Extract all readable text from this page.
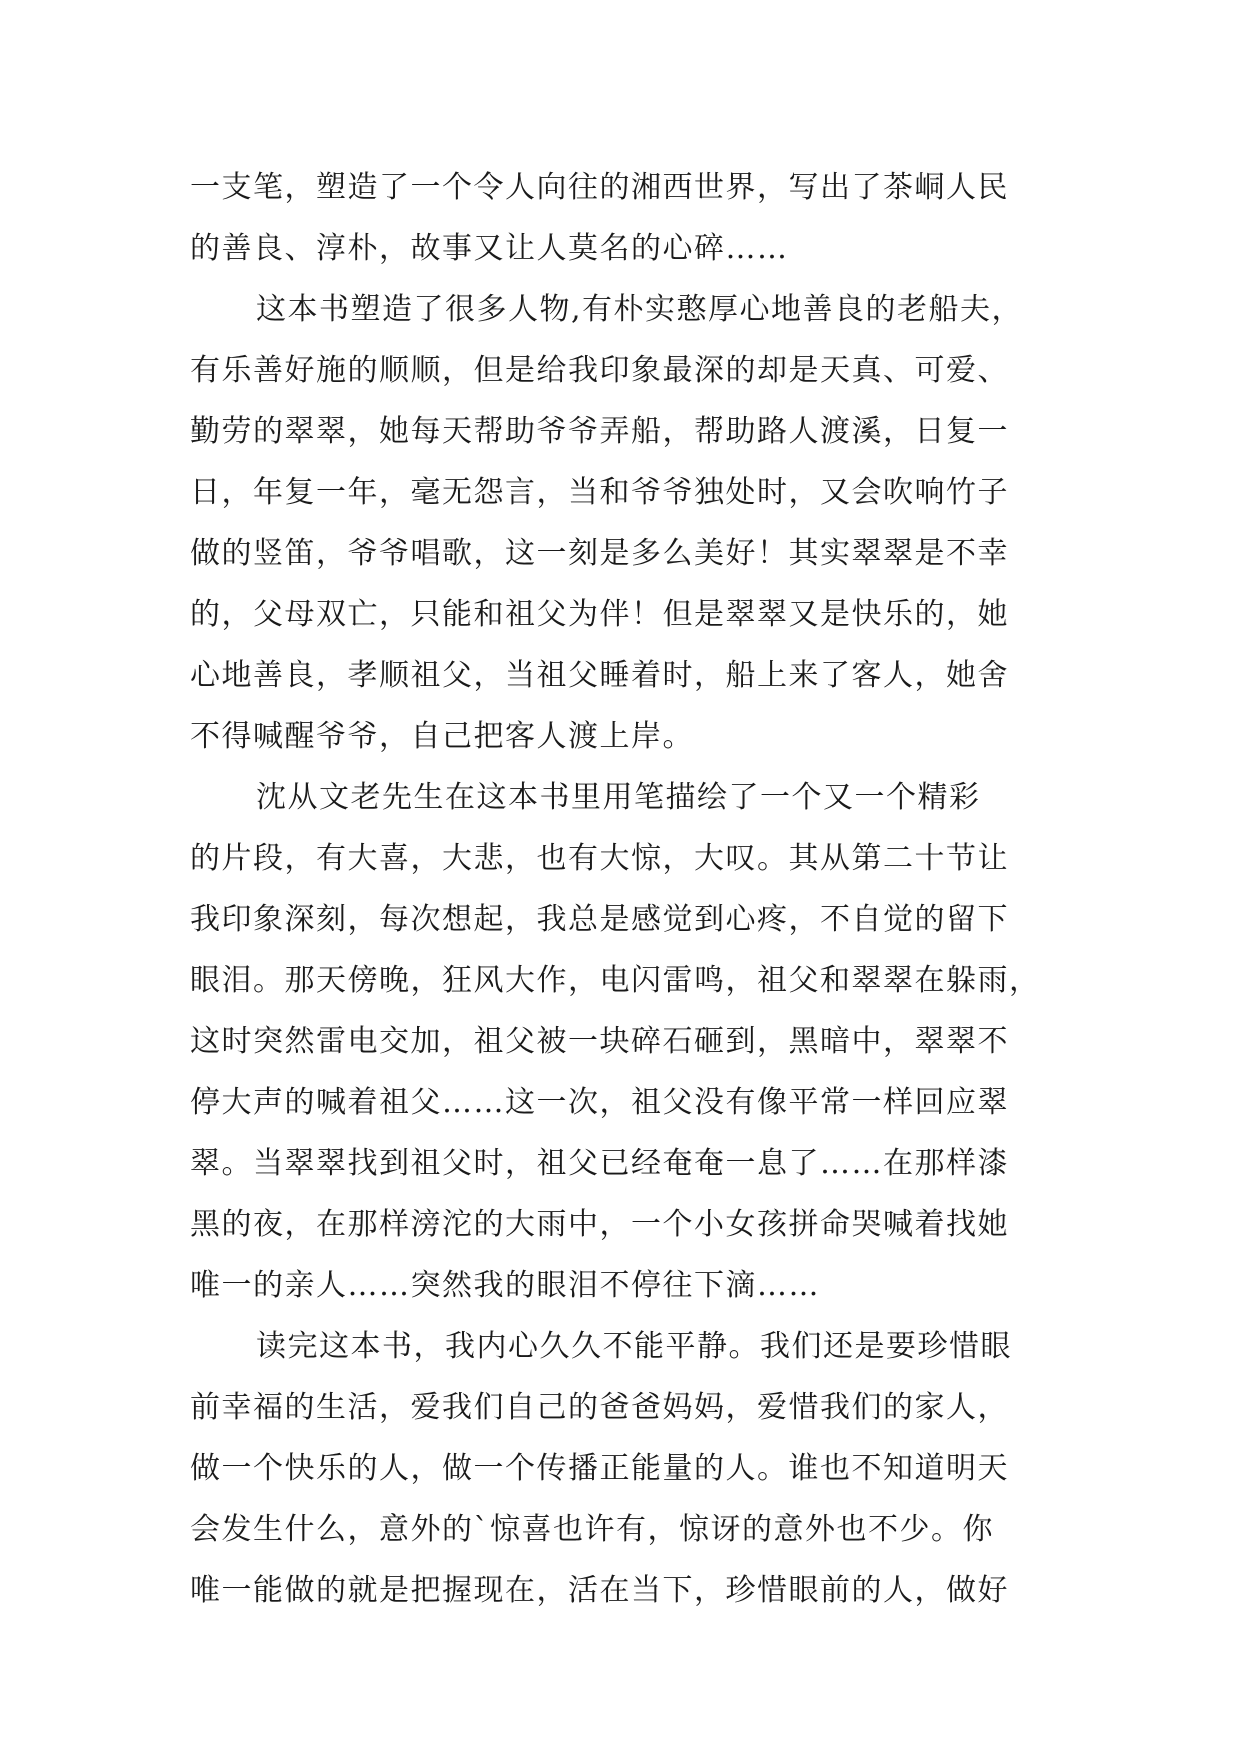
一支笔，塑造了一个令人向往的湘西世界，写出了茶峒人民
的善良、淳朴，故事又让人莫名的心碎……
这本书塑造了很多人物,有朴实憨厚心地善良的老船夫，
有乐善好施的顺顺，但是给我印象最深的却是天真、可爱、
勤劳的翠翠，她每天帮助爷爷弄船，帮助路人渡溪，日复一
日，年复一年，毫无怨言，当和爷爷独处时，又会吹响竹子
做的竖笛，爷爷唱歌，这一刻是多么美好！其实翠翠是不幸
的，父母双亡，只能和祖父为伴！但是翠翠又是快乐的，她
心地善良，孝顺祖父，当祖父睡着时，船上来了客人，她舍
不得喊醒爷爷，自己把客人渡上岸。
沈从文老先生在这本书里用笔描绘了一个又一个精彩
的片段，有大喜，大悲，也有大惊，大叹。其从第二十节让
我印象深刻，每次想起，我总是感觉到心疼，不自觉的留下
眼泪。那天傍晚，狂风大作，电闪雷鸣，祖父和翠翠在躲雨，
这时突然雷电交加，祖父被一块碎石砸到，黑暗中，翠翠不
停大声的喊着祖父……这一次，祖父没有像平常一样回应翠
翠。当翠翠找到祖父时，祖父已经奄奄一息了……在那样漆
黑的夜，在那样滂沱的大雨中，一个小女孩拼命哭喊着找她
唯一的亲人……突然我的眼泪不停往下滴……
读完这本书，我内心久久不能平静。我们还是要珍惜眼
前幸福的生活，爱我们自己的爸爸妈妈，爱惜我们的家人，
做一个快乐的人，做一个传播正能量的人。谁也不知道明天
会发生什么，意外的`惊喜也许有，惊讶的意外也不少。你
唯一能做的就是把握现在，活在当下，珍惜眼前的人，做好
